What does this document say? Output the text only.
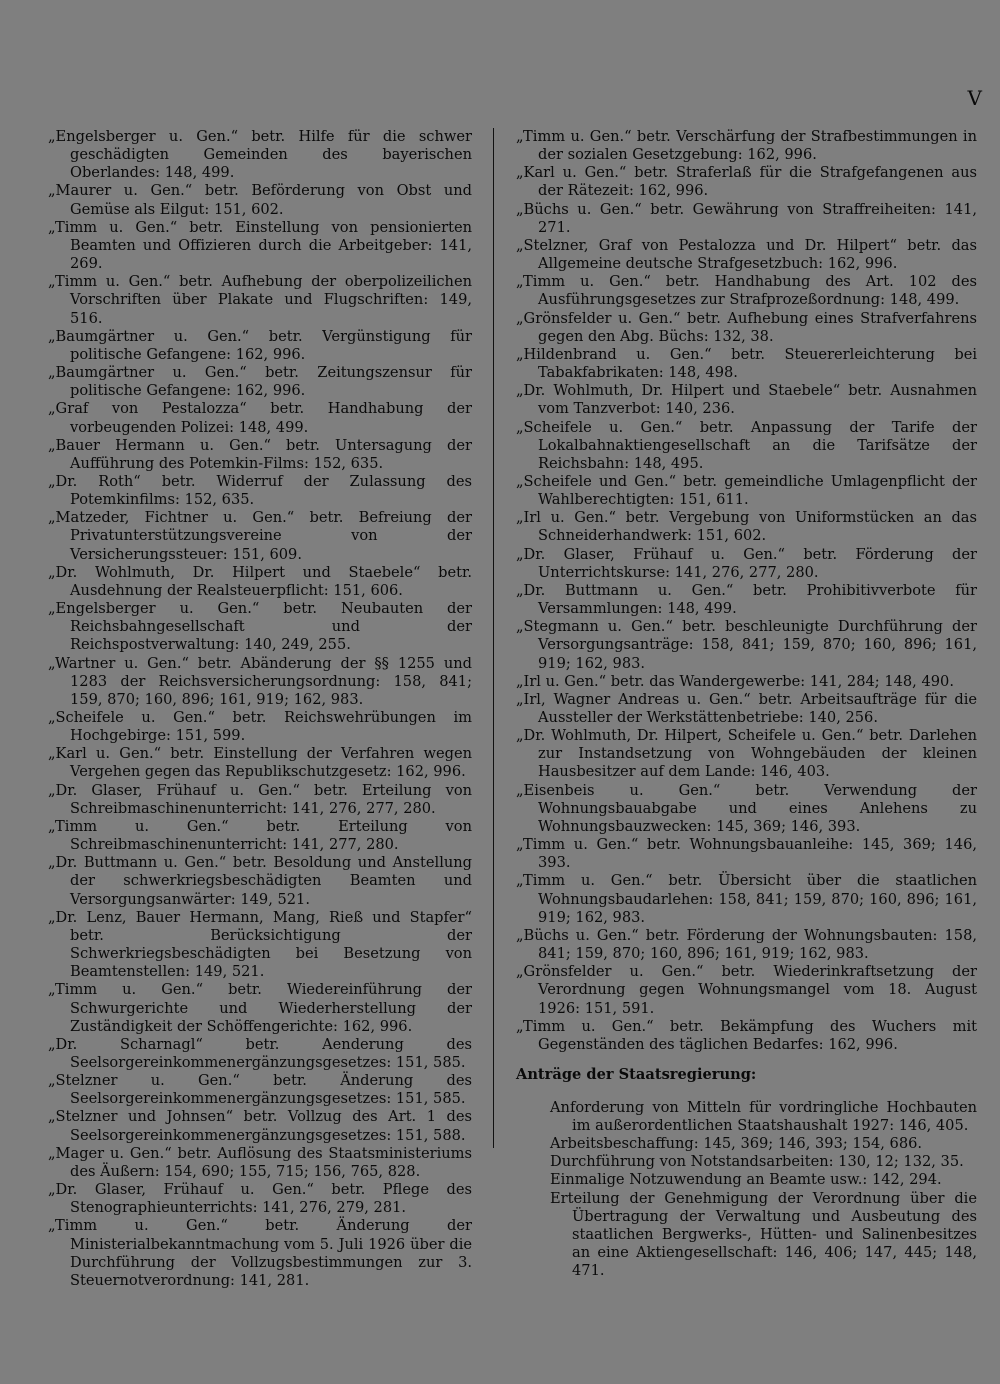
V

„Engelsberger u. Gen.“ betr. Hilfe für die schwer geschädigten Gemeinden des bayerischen Oberlandes: 148, 499.

„Maurer u. Gen.“ betr. Beförderung von Obst und Gemüse als Eilgut: 151, 602.

„Timm u. Gen.“ betr. Einstellung von pensionierten Beamten und Offizieren durch die Arbeitgeber: 141, 269.

„Timm u. Gen.“ betr. Aufhebung der oberpolizeilichen Vorschriften über Plakate und Flugschriften: 149, 516.

„Baumgärtner u. Gen.“ betr. Vergünstigung für politische Gefangene: 162, 996.

„Baumgärtner u. Gen.“ betr. Zeitungszensur für politische Gefangene: 162, 996.

„Graf von Pestalozza“ betr. Handhabung der vorbeugenden Polizei: 148, 499.

„Bauer Hermann u. Gen.“ betr. Untersagung der Aufführung des Potemkin-Films: 152, 635.

„Dr. Roth“ betr. Widerruf der Zulassung des Potemkinfilms: 152, 635.

„Matzeder, Fichtner u. Gen.“ betr. Befreiung der Privatunterstützungsvereine von der Versicherungssteuer: 151, 609.

„Dr. Wohlmuth, Dr. Hilpert und Staebele“ betr. Ausdehnung der Realsteuerpflicht: 151, 606.

„Engelsberger u. Gen.“ betr. Neubauten der Reichsbahngesellschaft und der Reichspostverwaltung: 140, 249, 255.

„Wartner u. Gen.“ betr. Abänderung der §§ 1255 und 1283 der Reichsversicherungsordnung: 158, 841; 159, 870; 160, 896; 161, 919; 162, 983.

„Scheifele u. Gen.“ betr. Reichswehrübungen im Hochgebirge: 151, 599.

„Karl u. Gen.“ betr. Einstellung der Verfahren wegen Vergehen gegen das Republikschutzgesetz: 162, 996.

„Dr. Glaser, Frühauf u. Gen.“ betr. Erteilung von Schreibmaschinenunterricht: 141, 276, 277, 280.

„Timm u. Gen.“ betr. Erteilung von Schreibmaschinenunterricht: 141, 277, 280.

„Dr. Buttmann u. Gen.“ betr. Besoldung und Anstellung der schwerkriegsbeschädigten Beamten und Versorgungsanwärter: 149, 521.

„Dr. Lenz, Bauer Hermann, Mang, Rieß und Stapfer“ betr. Berücksichtigung der Schwerkriegsbeschädigten bei Besetzung von Beamtenstellen: 149, 521.

„Timm u. Gen.“ betr. Wiedereinführung der Schwurgerichte und Wiederherstellung der Zuständigkeit der Schöffengerichte: 162, 996.

„Dr. Scharnagl“ betr. Aenderung des Seelsorgereinkommenergänzungsgesetzes: 151, 585.

„Stelzner u. Gen.“ betr. Änderung des Seelsorgereinkommenergänzungsgesetzes: 151, 585.

„Stelzner und Johnsen“ betr. Vollzug des Art. 1 des Seelsorgereinkommenergänzungsgesetzes: 151, 588.

„Mager u. Gen.“ betr. Auflösung des Staatsministeriums des Äußern: 154, 690; 155, 715; 156, 765, 828.

„Dr. Glaser, Frühauf u. Gen.“ betr. Pflege des Stenographieunterrichts: 141, 276, 279, 281.

„Timm u. Gen.“ betr. Änderung der Ministerialbekanntmachung vom 5. Juli 1926 über die Durchführung der Vollzugsbestimmungen zur 3. Steuernotverordnung: 141, 281.

„Timm u. Gen.“ betr. Verschärfung der Strafbestimmungen in der sozialen Gesetzgebung: 162, 996.

„Karl u. Gen.“ betr. Straferlaß für die Strafgefangenen aus der Rätezeit: 162, 996.

„Büchs u. Gen.“ betr. Gewährung von Straffreiheiten: 141, 271.

„Stelzner, Graf von Pestalozza und Dr. Hilpert“ betr. das Allgemeine deutsche Strafgesetzbuch: 162, 996.

„Timm u. Gen.“ betr. Handhabung des Art. 102 des Ausführungsgesetzes zur Strafprozeßordnung: 148, 499.

„Grönsfelder u. Gen.“ betr. Aufhebung eines Strafverfahrens gegen den Abg. Büchs: 132, 38.

„Hildenbrand u. Gen.“ betr. Steuererleichterung bei Tabakfabrikaten: 148, 498.

„Dr. Wohlmuth, Dr. Hilpert und Staebele“ betr. Ausnahmen vom Tanzverbot: 140, 236.

„Scheifele u. Gen.“ betr. Anpassung der Tarife der Lokalbahnaktiengesellschaft an die Tarifsätze der Reichsbahn: 148, 495.

„Scheifele und Gen.“ betr. gemeindliche Umlagenpflicht der Wahlberechtigten: 151, 611.

„Irl u. Gen.“ betr. Vergebung von Uniformstücken an das Schneiderhandwerk: 151, 602.

„Dr. Glaser, Frühauf u. Gen.“ betr. Förderung der Unterrichtskurse: 141, 276, 277, 280.

„Dr. Buttmann u. Gen.“ betr. Prohibitivverbote für Versammlungen: 148, 499.

„Stegmann u. Gen.“ betr. beschleunigte Durchführung der Versorgungsanträge: 158, 841; 159, 870; 160, 896; 161, 919; 162, 983.

„Irl u. Gen.“ betr. das Wandergewerbe: 141, 284; 148, 490.

„Irl, Wagner Andreas u. Gen.“ betr. Arbeitsaufträge für die Aussteller der Werkstättenbetriebe: 140, 256.

„Dr. Wohlmuth, Dr. Hilpert, Scheifele u. Gen.“ betr. Darlehen zur Instandsetzung von Wohngebäuden der kleinen Hausbesitzer auf dem Lande: 146, 403.

„Eisenbeis u. Gen.“ betr. Verwendung der Wohnungsbauabgabe und eines Anlehens zu Wohnungsbauzwecken: 145, 369; 146, 393.

„Timm u. Gen.“ betr. Wohnungsbauanleihe: 145, 369; 146, 393.

„Timm u. Gen.“ betr. Übersicht über die staatlichen Wohnungsbaudarlehen: 158, 841; 159, 870; 160, 896; 161, 919; 162, 983.

„Büchs u. Gen.“ betr. Förderung der Wohnungsbauten: 158, 841; 159, 870; 160, 896; 161, 919; 162, 983.

„Grönsfelder u. Gen.“ betr. Wiederinkraftsetzung der Verordnung gegen Wohnungsmangel vom 18. August 1926: 151, 591.

„Timm u. Gen.“ betr. Bekämpfung des Wuchers mit Gegenständen des täglichen Bedarfes: 162, 996.

Anträge der Staatsregierung:

Anforderung von Mitteln für vordringliche Hochbauten im außerordentlichen Staatshaushalt 1927: 146, 405.

Arbeitsbeschaffung: 145, 369; 146, 393; 154, 686.

Durchführung von Notstandsarbeiten: 130, 12; 132, 35.

Einmalige Notzuwendung an Beamte usw.: 142, 294.

Erteilung der Genehmigung der Verordnung über die Übertragung der Verwaltung und Ausbeutung des staatlichen Bergwerks-, Hütten- und Salinenbesitzes an eine Aktiengesellschaft: 146, 406; 147, 445; 148, 471.
